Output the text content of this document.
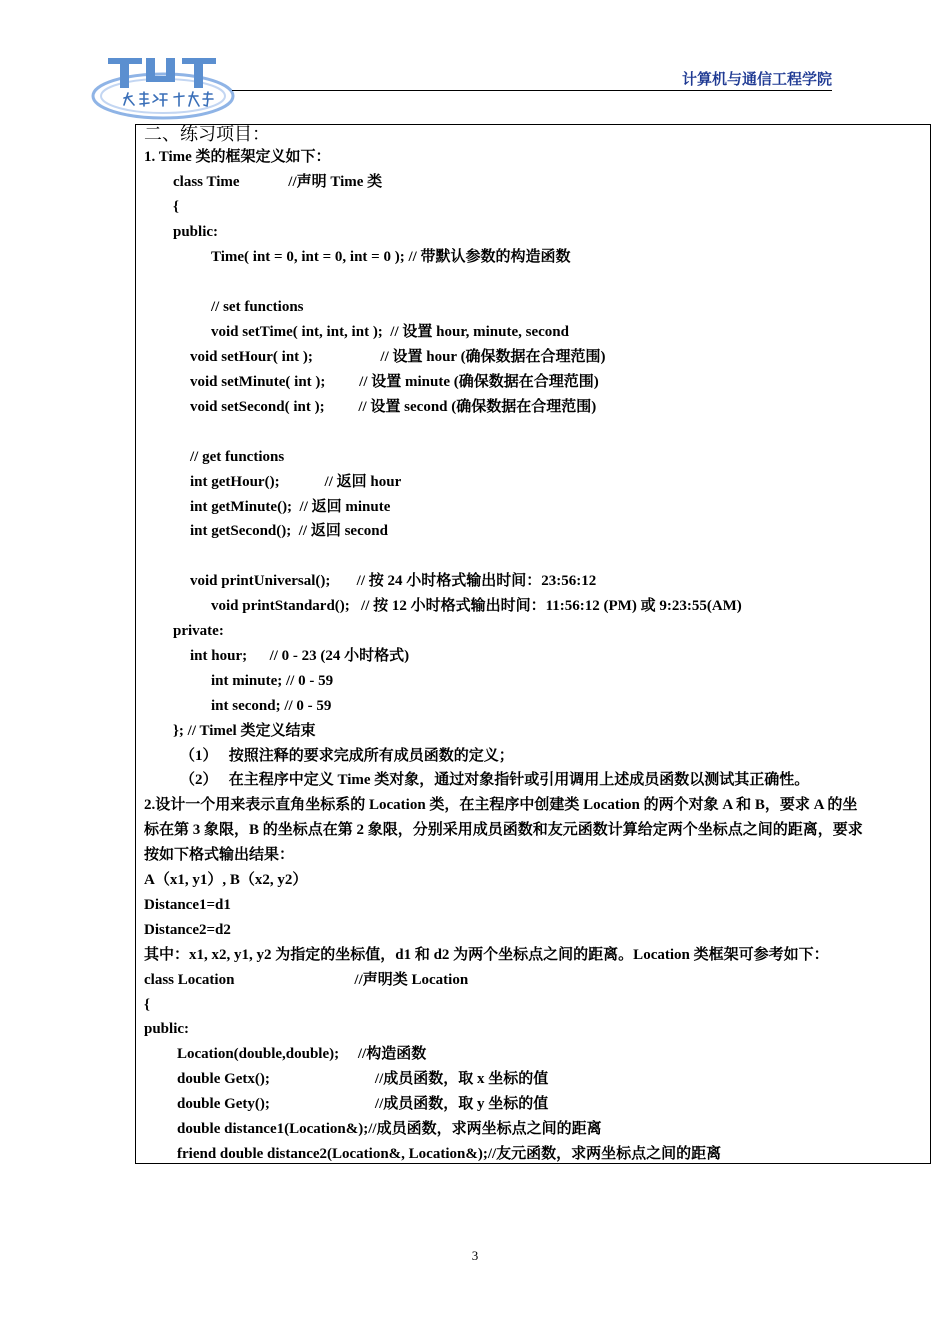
计算机与通信工程学院
二、练习项目：
1. Time 类的框架定义如下：
class Time             //声明 Time 类
{
public:
Time( int = 0, int = 0, int = 0 ); // 带默认参数的构造函数
// set functions
void setTime( int, int, int );  // 设置 hour, minute, second
void setHour( int );                  // 设置 hour (确保数据在合理范围)
void setMinute( int );         // 设置 minute (确保数据在合理范围)
void setSecond( int );         // 设置 second (确保数据在合理范围)
// get functions
int getHour();            // 返回 hour
int getMinute();  // 返回 minute
int getSecond();  // 返回 second
void printUniversal();       // 按 24 小时格式输出时间：23:56:12
void printStandard();   // 按 12 小时格式输出时间：11:56:12 (PM) 或 9:23:55(AM)
private:
int hour;      // 0 - 23 (24 小时格式)
int minute; // 0 - 59
int second; // 0 - 59
}; // Timel 类定义结束
（1）   按照注释的要求完成所有成员函数的定义；
（2）   在主程序中定义 Time 类对象，通过对象指针或引用调用上述成员函数以测试其正确性。
2.设计一个用来表示直角坐标系的 Location 类，在主程序中创建类 Location 的两个对象 A 和 B，要求 A 的坐
标在第 3 象限，B 的坐标点在第 2 象限，分别采用成员函数和友元函数计算给定两个坐标点之间的距离，要求
按如下格式输出结果：
A（x1, y1）, B（x2, y2）
Distance1=d1
Distance2=d2
其中：x1, x2, y1, y2 为指定的坐标值，d1 和 d2 为两个坐标点之间的距离。Location 类框架可参考如下：
class Location                                //声明类 Location
{
public:
Location(double,double);     //构造函数
double Getx();                            //成员函数，取 x 坐标的值
double Gety();                            //成员函数，取 y 坐标的值
double distance1(Location&);//成员函数，求两坐标点之间的距离
friend double distance2(Location&, Location&);//友元函数，求两坐标点之间的距离
3
